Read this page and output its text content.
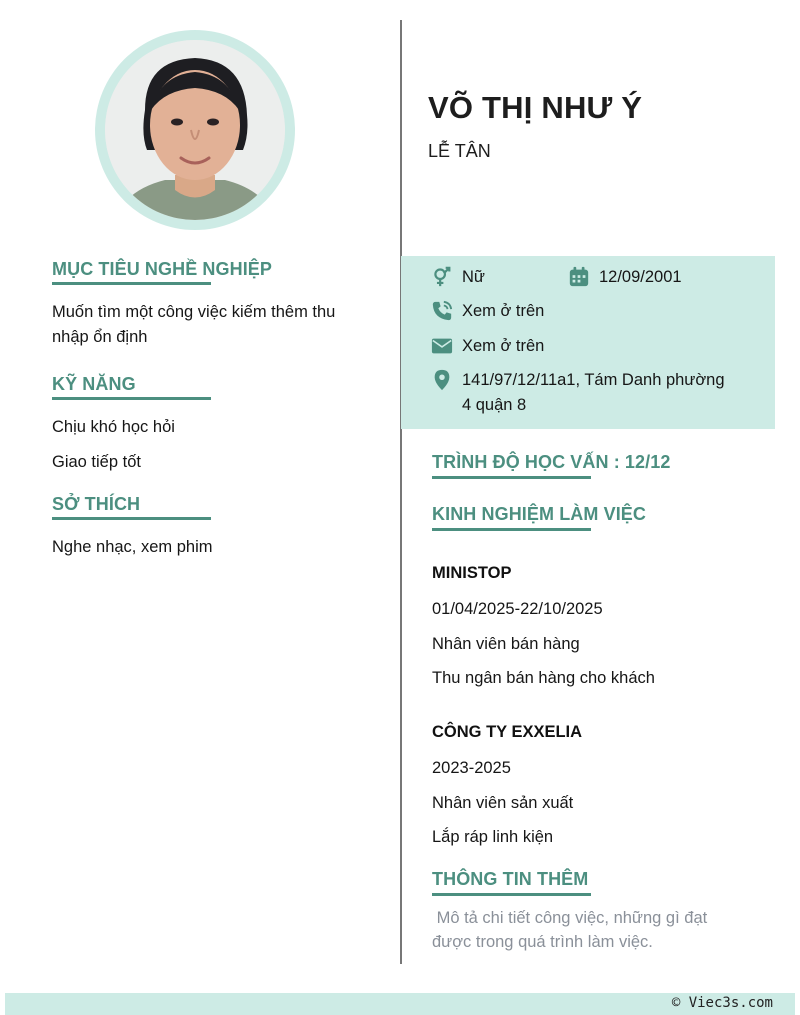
MỤC TIÊU NGHỀ NGHIỆP
Muốn tìm một công việc kiếm thêm thu
nhập ổn định
KỸ NĂNG
Chịu khó học hỏi
Giao tiếp tốt
SỞ THÍCH
Nghe nhạc, xem phim
VÕ THỊ NHƯ Ý
LỄ TÂN
Nữ	12/09/2001
Xem ở trên
Xem ở trên
141/97/12/11a1, Tám Danh phường
4 quận 8
TRÌNH ĐỘ HỌC VẤN : 12/12
KINH NGHIỆM LÀM VIỆC
MINISTOP
01/04/2025-22/10/2025
Nhân viên bán hàng
Thu ngân bán hàng cho khách
CÔNG TY EXXELIA
2023-2025
Nhân viên sản xuất
Lắp ráp linh kiện
THÔNG TIN THÊM
Mô tả chi tiết công việc, những gì đạt
được trong quá trình làm việc.
© Viec3s.com
